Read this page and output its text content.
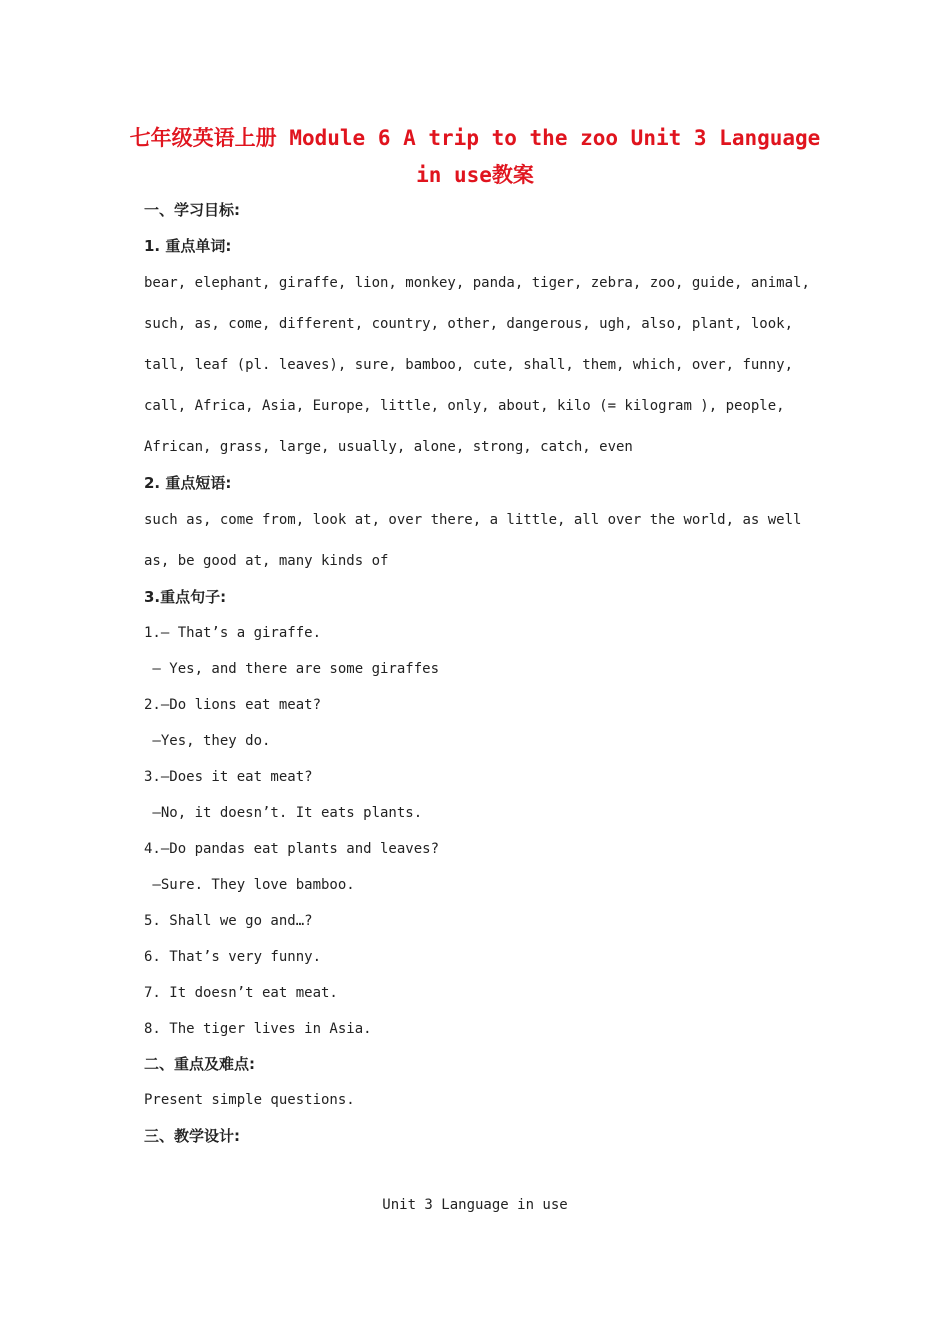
七年级英语上册 Module 6 A trip to the zoo Unit 3 Language
in use教案
一、学习目标:
1. 重点单词:
bear, elephant, giraffe, lion, monkey, panda, tiger, zebra, zoo, guide, animal,
such, as, come, different, country, other, dangerous, ugh, also, plant, look,
tall, leaf (pl. leaves), sure, bamboo, cute, shall, them, which, over, funny,
call, Africa, Asia, Europe, little, only, about, kilo (= kilogram ), people,
African, grass, large, usually, alone, strong, catch, even
2. 重点短语:
such as, come from, look at, over there, a little, all over the world, as well
as, be good at, many kinds of
3.重点句子:
1.— That’s a giraffe.
— Yes, and there are some giraffes
2.—Do lions eat meat?
—Yes, they do.
3.—Does it eat meat?
—No, it doesn’t. It eats plants.
4.—Do pandas eat plants and leaves?
—Sure. They love bamboo.
5. Shall we go and…?
6. That’s very funny.
7. It doesn’t eat meat.
8. The tiger lives in Asia.
二、重点及难点:
Present simple questions.
三、教学设计:
Unit 3 Language in use
